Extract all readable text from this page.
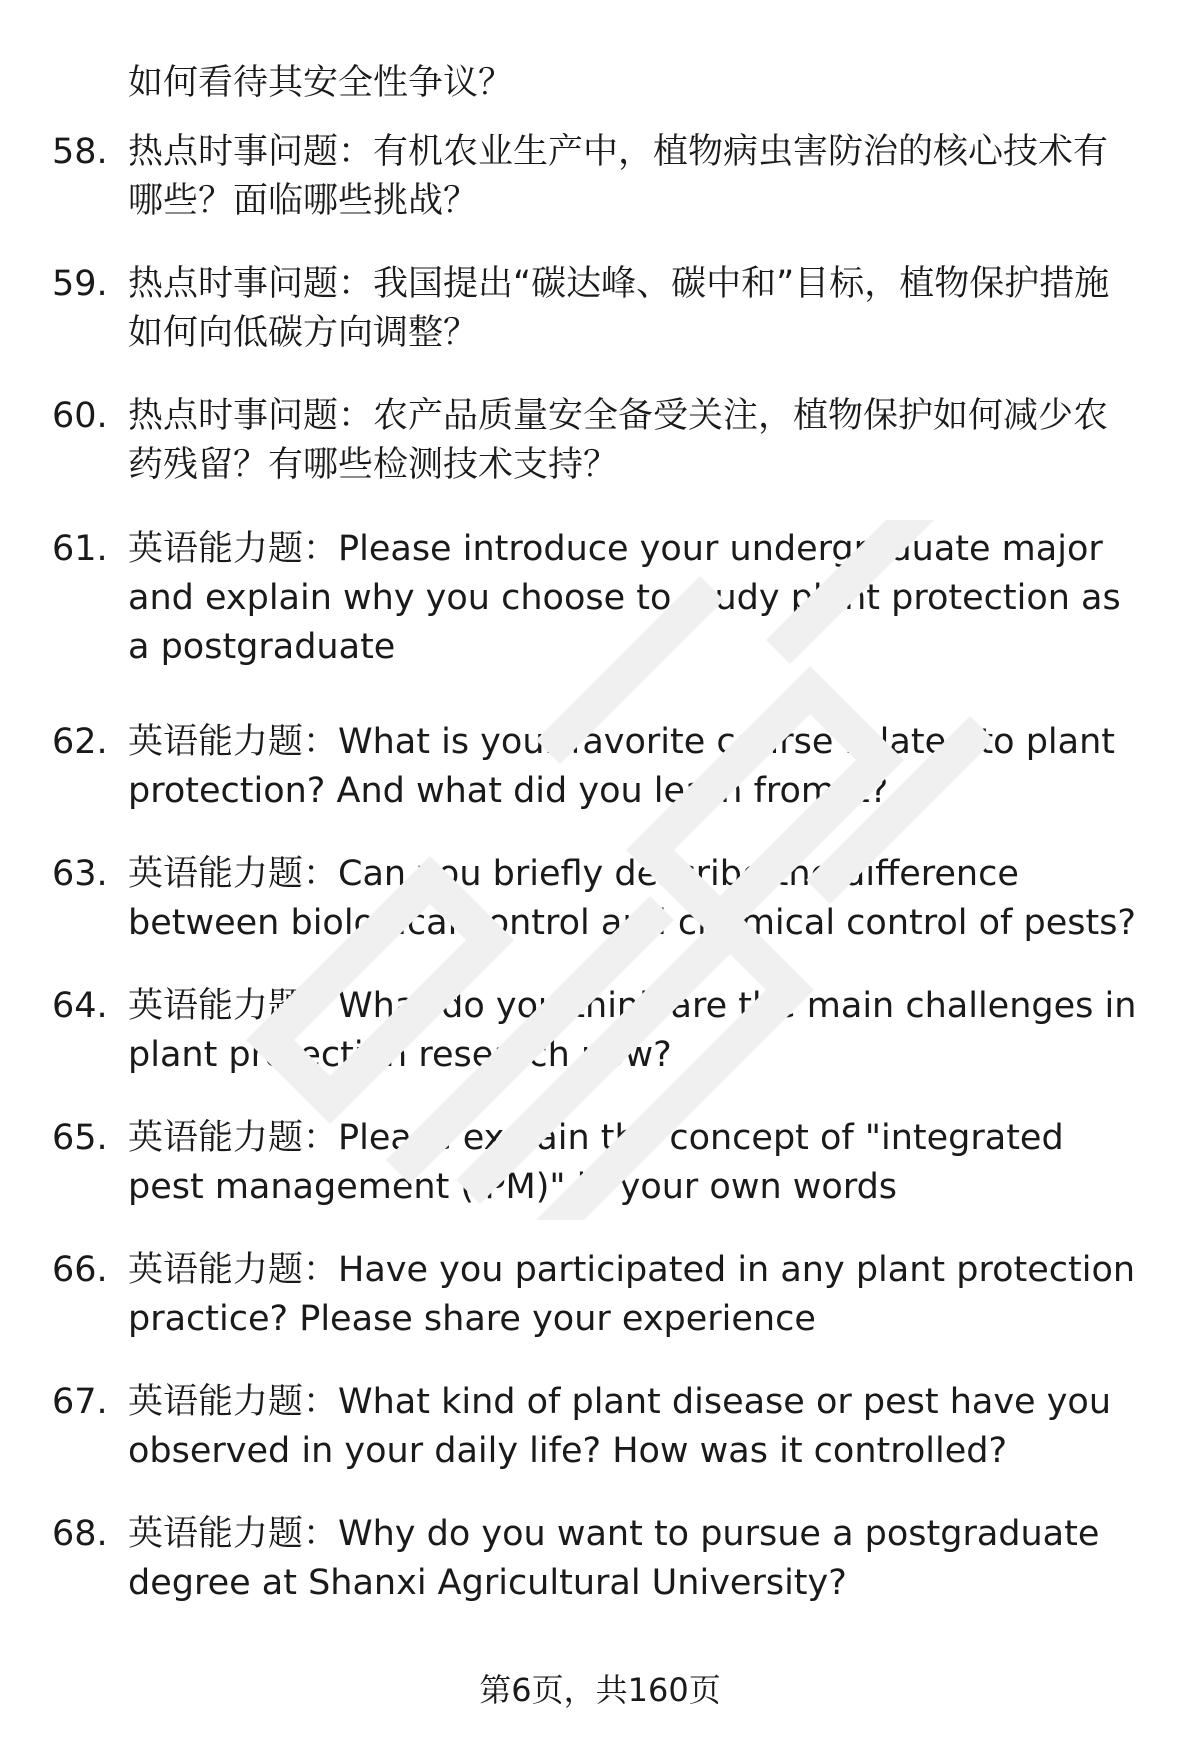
如何看待其安全性争议？
58. 热点时事问题：有机农业生产中，植物病虫害防治的核心技术有哪些？面临哪些挑战？
59. 热点时事问题：我国提出“碳达峰、碳中和”目标，植物保护措施如何向低碳方向调整？
60. 热点时事问题：农产品质量安全备受关注，植物保护如何减少农药残留？有哪些检测技术支持？
61. 英语能力题：Please introduce your undergraduate major and explain why you choose to study plant protection as a postgraduate
62. 英语能力题：What is your favorite course related to plant protection? And what did you learn from it?
63. 英语能力题：Can you briefly describe the difference between biological control and chemical control of pests?
64. 英语能力题：What do you think are the main challenges in plant protection research now?
65. 英语能力题：Please explain the concept of "integrated pest management (IPM)" in your own words
66. 英语能力题：Have you participated in any plant protection practice? Please share your experience
67. 英语能力题：What kind of plant disease or pest have you observed in your daily life? How was it controlled?
68. 英语能力题：Why do you want to pursue a postgraduate degree at Shanxi Agricultural University?
第6页，共160页
